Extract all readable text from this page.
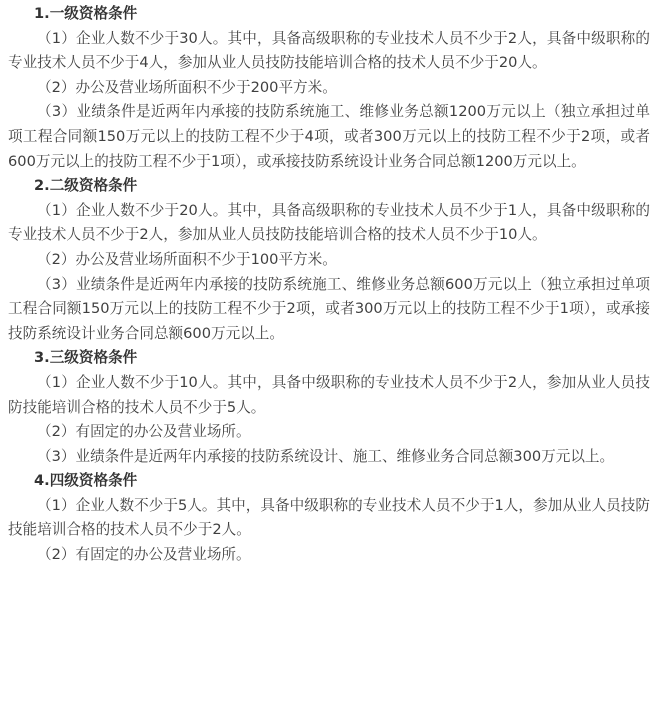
1.一级资格条件

（1）企业人数不少于30人。其中，具备高级职称的专业技术人员不少于2人，具备中级职称的专业技术人员不少于4人，参加从业人员技防技能培训合格的技术人员不少于20人。

（2）办公及营业场所面积不少于200平方米。

（3）业绩条件是近两年内承接的技防系统施工、维修业务总额1200万元以上（独立承担过单项工程合同额150万元以上的技防工程不少于4项，或者300万元以上的技防工程不少于2项，或者600万元以上的技防工程不少于1项），或承接技防系统设计业务合同总额1200万元以上。

2.二级资格条件

（1）企业人数不少于20人。其中，具备高级职称的专业技术人员不少于1人，具备中级职称的专业技术人员不少于2人，参加从业人员技防技能培训合格的技术人员不少于10人。

（2）办公及营业场所面积不少于100平方米。

（3）业绩条件是近两年内承接的技防系统施工、维修业务总额600万元以上（独立承担过单项工程合同额150万元以上的技防工程不少于2项，或者300万元以上的技防工程不少于1项），或承接技防系统设计业务合同总额600万元以上。

3.三级资格条件

（1）企业人数不少于10人。其中，具备中级职称的专业技术人员不少于2人，参加从业人员技防技能培训合格的技术人员不少于5人。

（2）有固定的办公及营业场所。

（3）业绩条件是近两年内承接的技防系统设计、施工、维修业务合同总额300万元以上。

4.四级资格条件

（1）企业人数不少于5人。其中，具备中级职称的专业技术人员不少于1人，参加从业人员技防技能培训合格的技术人员不少于2人。

（2）有固定的办公及营业场所。
